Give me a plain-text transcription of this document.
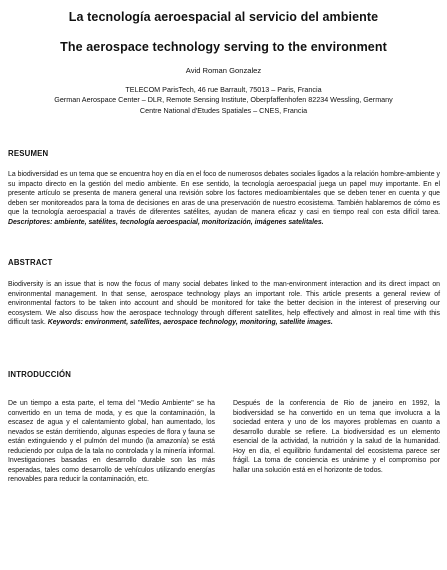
La tecnología aeroespacial al servicio del ambiente
The aerospace technology serving to the environment
Avid Roman Gonzalez
TELECOM ParisTech, 46 rue Barrault, 75013 – Paris, Francia
German Aerospace Center – DLR, Remote Sensing Institute, Oberpfaffenhofen 82234 Wessling, Germany
Centre National d'Etudes Spatiales – CNES, Francia
RESUMEN

La biodiversidad es un tema que se encuentra hoy en día en el foco de numerosos debates sociales ligados a la relación hombre-ambiente y su impacto directo en la gestión del medio ambiente. En ese sentido, la tecnología aeroespacial juega un papel muy importante. En el presente artículo se presenta de manera general una revisión sobre los factores medioambientales que se deben tener en cuenta y que deben ser monitoreados para la toma de decisiones en aras de una preservación de nuestro ecosistema. También hablaremos de cómo es que la tecnología aeroespacial a través de diferentes satélites, ayudan de manera eficaz y casi en tiempo real con esta difícil tarea. Descriptores: ambiente, satélites, tecnología aeroespacial, monitorización, imágenes satelitales.

ABSTRACT

Biodiversity is an issue that is now the focus of many social debates linked to the man-environment interaction and its direct impact on environmental management. In that sense, aerospace technology plays an important role. This article presents a general review of environmental factors to be taken into account and should be monitored for take the better decision in the interest of preserving our ecosystem. We also discuss how the aerospace technology through different satellites, help effectively and almost in real time with this difficult task. Keywords: environment, satellites, aerospace technology, monitoring, satellite images.

INTRODUCCIÓN

De un tiempo a esta parte, el tema del "Medio Ambiente" se ha convertido en un tema de moda, y es que la contaminación, la escasez de agua y el calentamiento global, han aumentado, los nevados se están derritiendo, algunas especies de flora y fauna se están extinguiendo y el pulmón del mundo (la amazonía) se está reduciendo por culpa de la tala no controlada y la minería informal. Investigaciones basadas en desarrollo durable son las más esperadas, tales como desarrollo de vehículos utilizando energías renovables para reducir la contaminación, etc.

Después de la conferencia de Rio de janeiro en 1992, la biodiversidad se ha convertido en un tema que involucra a la sociedad entera y uno de los mayores problemas en cuanto a desarrollo durable se refiere. La biodiversidad es un elemento esencial de la actividad, la nutrición y la salud de la humanidad. Hoy en día, el equilibrio fundamental del ecosistema parece ser frágil. La toma de conciencia es unánime y el compromiso por hallar una solución está en el horizonte de todos.
